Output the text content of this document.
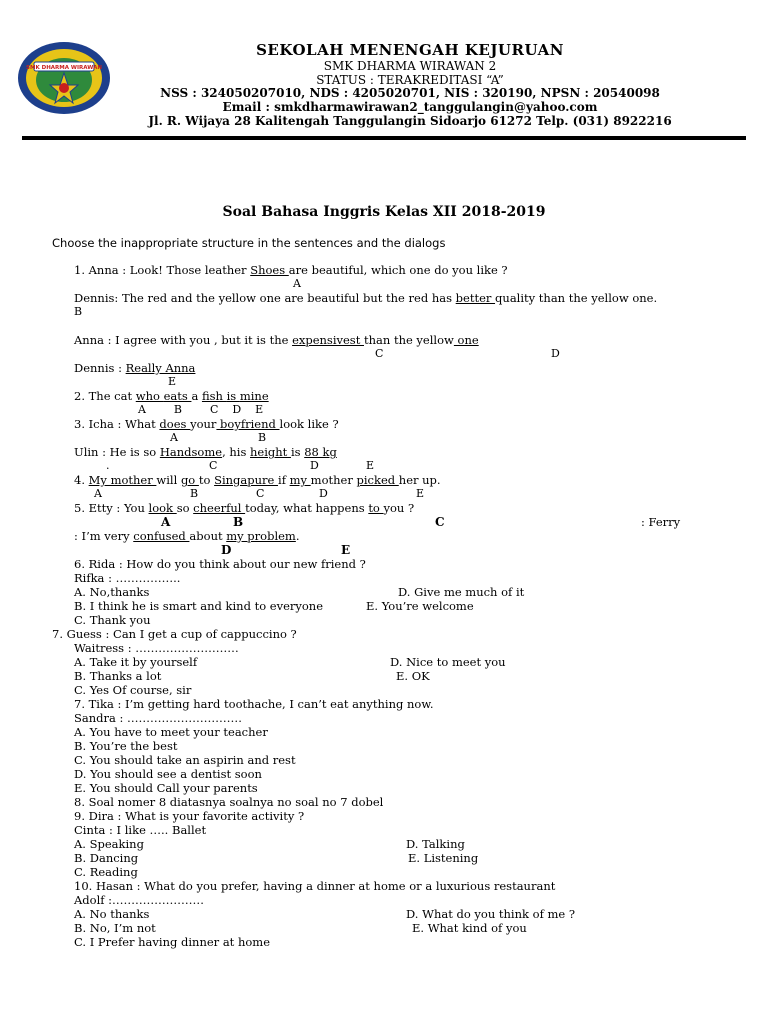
SMK DHARMA WIRAWAN
SEKOLAH MENENGAH KEJURUAN
SMK DHARMA WIRAWAN 2
STATUS : TERAKREDITASI “A”
NSS : 324050207010, NDS : 4205020701, NIS : 320190, NPSN : 20540098
Email : smkdharmawirawan2_tanggulangin@yahoo.com
Jl. R. Wijaya 28 Kalitengah Tanggulangin Sidoarjo 61272 Telp. (031) 8922216
Soal Bahasa Inggris Kelas XII 2018-2019
Choose the inappropriate structure in the sentences and the dialogs
1. Anna : Look! Those leather Shoes are beautiful, which one do you like ?
A
Dennis: The red and the yellow one are beautiful but the red has better quality than the yellow one.
B
Anna : I agree with you , but it is the expensivest than the yellow one
C	D
Dennis : Really Anna
E
2. The cat who eats a fish is mine
A        B        C    D    E
3. Icha : What does your boyfriend look like ?
A	B
Ulin : He is so Handsome, his height is 88 kg
.	C	D	E
4. My mother will go to Singapure if my mother picked her up.
A	B	C	D	E
5. Etty : You look so cheerful today, what happens to you ?
A	B	C	: Ferry
: I’m very confused about my problem.
D	E
6. Rida : How do you think about our new friend ?
Rifka : ……………..
A. No,thanks	D. Give me much of it
B. I think he is smart and kind to everyone	E. You’re welcome
C. Thank you
7. Guess : Can I get a cup of cappuccino ?
Waitress : ………………………
A. Take it by yourself	D. Nice to meet you
B. Thanks a lot	E. OK
C. Yes Of course, sir
7. Tika : I’m getting hard toothache, I can’t eat anything now.
Sandra : …………………………
A. You have to meet your teacher
B. You’re the best
C. You should take an aspirin and rest
D. You should see a dentist soon
E. You should Call your parents
8. Soal nomer 8 diatasnya soalnya no soal no 7 dobel
9. Dira : What is your favorite activity ?
Cinta : I like ….. Ballet
A. Speaking	D. Talking
B. Dancing	E. Listening
C. Reading
10. Hasan : What do you prefer, having a dinner at home or a luxurious restaurant
Adolf :……………………
A. No thanks	D. What do you think of me ?
B. No, I’m not	E. What kind of you
C. I Prefer having dinner at home
